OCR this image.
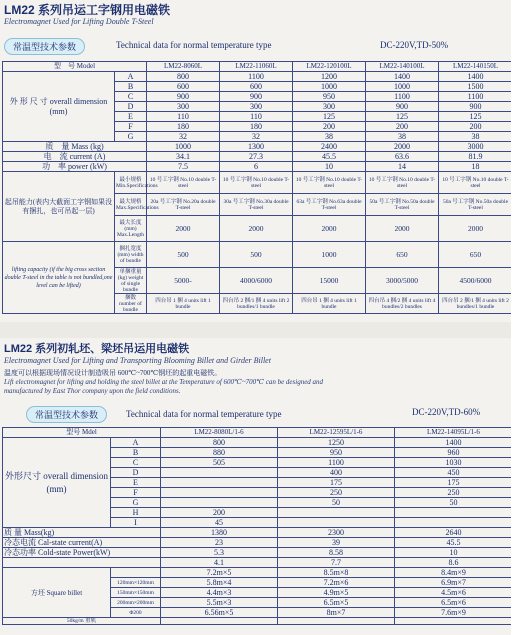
LM22 系列吊运工字钢用电磁铁
Electromagnet Used for Lifting Double T-Steel
常温型技术参数	Technical data for normal temperature type	DC-220V,TD-50%
型　号 Model		LM22-8060L	LM22-11060L	LM22-120100L	LM22-140100L	LM22-140150L
外 形 尺 寸 overall dimension (mm)	A	800	1100	1200	1400	1400
	B	600	600	1000	1000	1500
	C	900	900	950	1100	1100
	D	300	300	300	900	900
	E	110	110	125	125	125
	F	180	180	200	200	200
	G	32	32	38	38	38
质　量 Mass (kg)		1000	1300	2400	2000	3000
电　流 current (A)		34.1	27.3	45.5	63.6	81.9
功　率 power (kW)		7.5	6	10	14	18
起吊能力(表内大截面工字钢如果没有捆扎，也可吊起一层)	最小规格 Min.Specifications	10 号工字钢 No.10 double T-steel	10 号工字钢 No.10 double T-steel	10 号工字钢 No.10 double T-steel	10 号工字钢 No.10 double T-steel	10 号工字钢 No.10 double T-steel
	最大规格 Max.Specifications	20a 号工字钢 No.20a double T-steel	30a 号工字钢 No.30a double T-steel	63a 号工字钢 No.63a double T-steel	50a 号工字钢 No.50a double T-steel	50a 号工字钢 No.50a double T-steel
	最大长度(mm) Max.Length	2000	2000	2000	2000	2000
lifting capacity (if the big cross section double T-steel in the table is not bundled,one level can be lifted)	捆扎宽度(mm) width of bundle	500	500	1000	650	650
	单捆重量(kg) weight of single bundle	5000-	4000/6000	15000	3000/5000	4500/6000
	捆数 number of bundle	四台吊 1 捆 4 units lift 1 bundle	四台吊 2 捆/1 捆 4 units lift 2 bundles/1 bundle	四台吊 1 捆 4 units lift 1 bundle	四台吊 4 捆/2 捆 4 units lift 4 bundles/2 bundles	四台吊 2 捆/1 捆 4 units lift 2 bundles/1 bundle
LM22 系列初轧坯、梁坯吊运用电磁铁
Electromagnet Used for Lifting and Transporting Blooming Billet and Girder Billet
温度可以根据现场情况设计制造吸吊 600℃~700℃钢坯的起重电磁铁。
Lift electromagnet for lifting and holding the steel billet at the Temperature of 600℃~700℃ can be designed and
manufactured by East Thor company upon the field conditions.
常温型技术参数	Technical data for normal temperature type	DC-220V,TD-60%
型号 Mdel		LM22-8080L/1-6	LM22-12595L/1-6	LM22-14095L/1-6
外形尺寸 overall dimension (mm)	A	800	1250	1400
	B	880	950	960
	C	505	1100	1030
	D		400	450
	E		175	175
	F		250	250
	G		50	50
	H	200		
	I	45		
质 量 Mass(kg)		1380	2300	2640
冷态电流 Cal-state current(A)		23	39	45.5
冷态功率 Cold-state Power(kW)		5.3	8.58	10
		4.1	7.7	8.6
方坯 Square billet		7.2m×5	8.5m×8	8.4m×9
	120mm×120mm	5.8m×4	7.2m×6	6.9m×7
	150mm×150mm	4.4m×3	4.9m×5	4.5m×6
	200mm×200mm	5.5m×3	6.5m×5	6.5m×6
	Φ200	6.56m×5	8m×7	7.6m×9
50kg/m 重轨				
